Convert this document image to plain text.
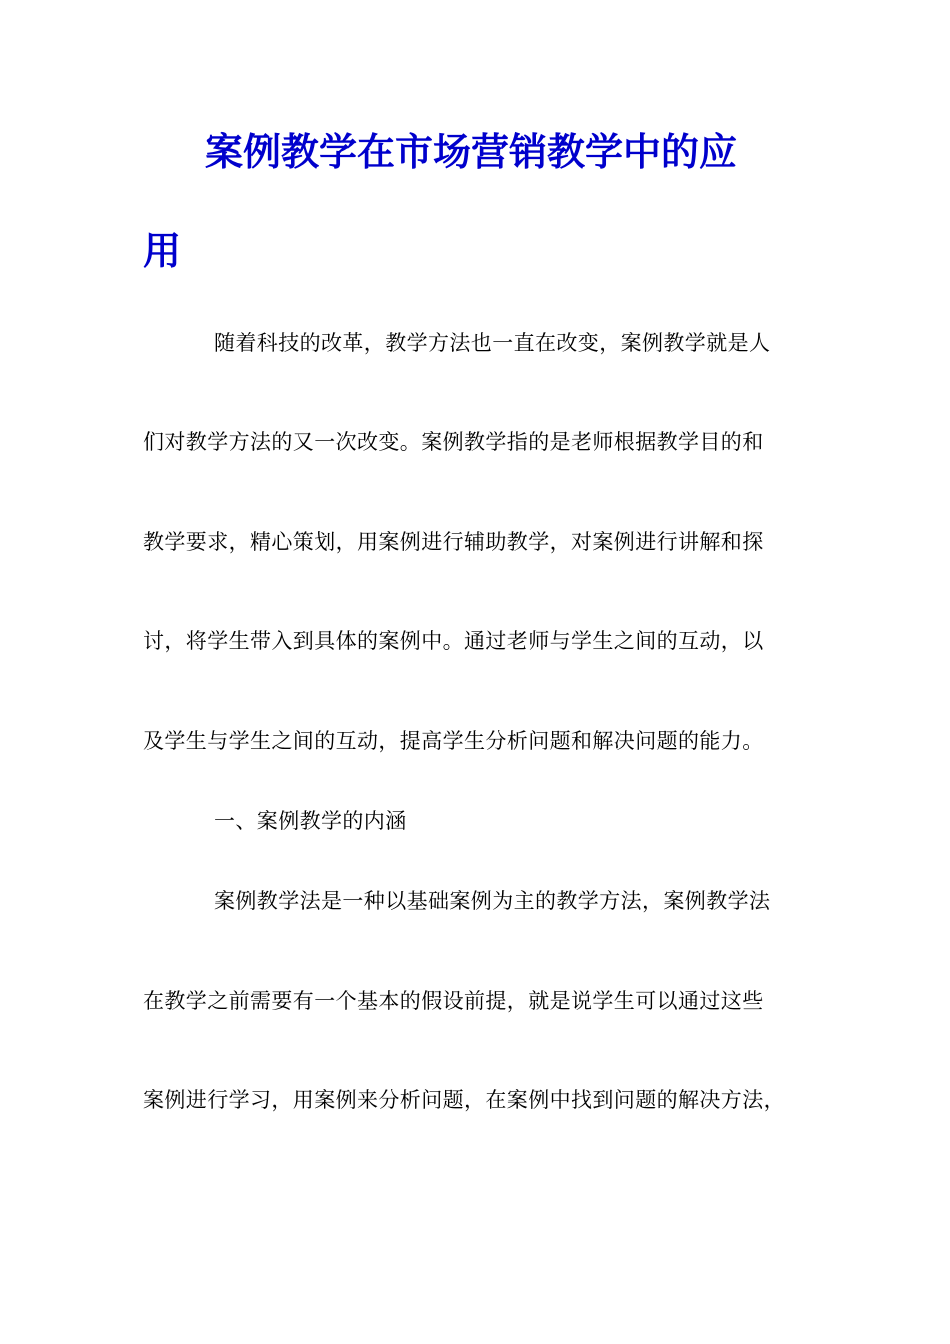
案例教学在市场营销教学中的应
用

随着科技的改革，教学方法也一直在改变，案例教学就是人

们对教学方法的又一次改变。案例教学指的是老师根据教学目的和

教学要求，精心策划，用案例进行辅助教学，对案例进行讲解和探

讨，将学生带入到具体的案例中。通过老师与学生之间的互动，以

及学生与学生之间的互动，提高学生分析问题和解决问题的能力。

一、案例教学的内涵

案例教学法是一种以基础案例为主的教学方法，案例教学法

在教学之前需要有一个基本的假设前提，就是说学生可以通过这些

案例进行学习，用案例来分析问题，在案例中找到问题的解决方法，
